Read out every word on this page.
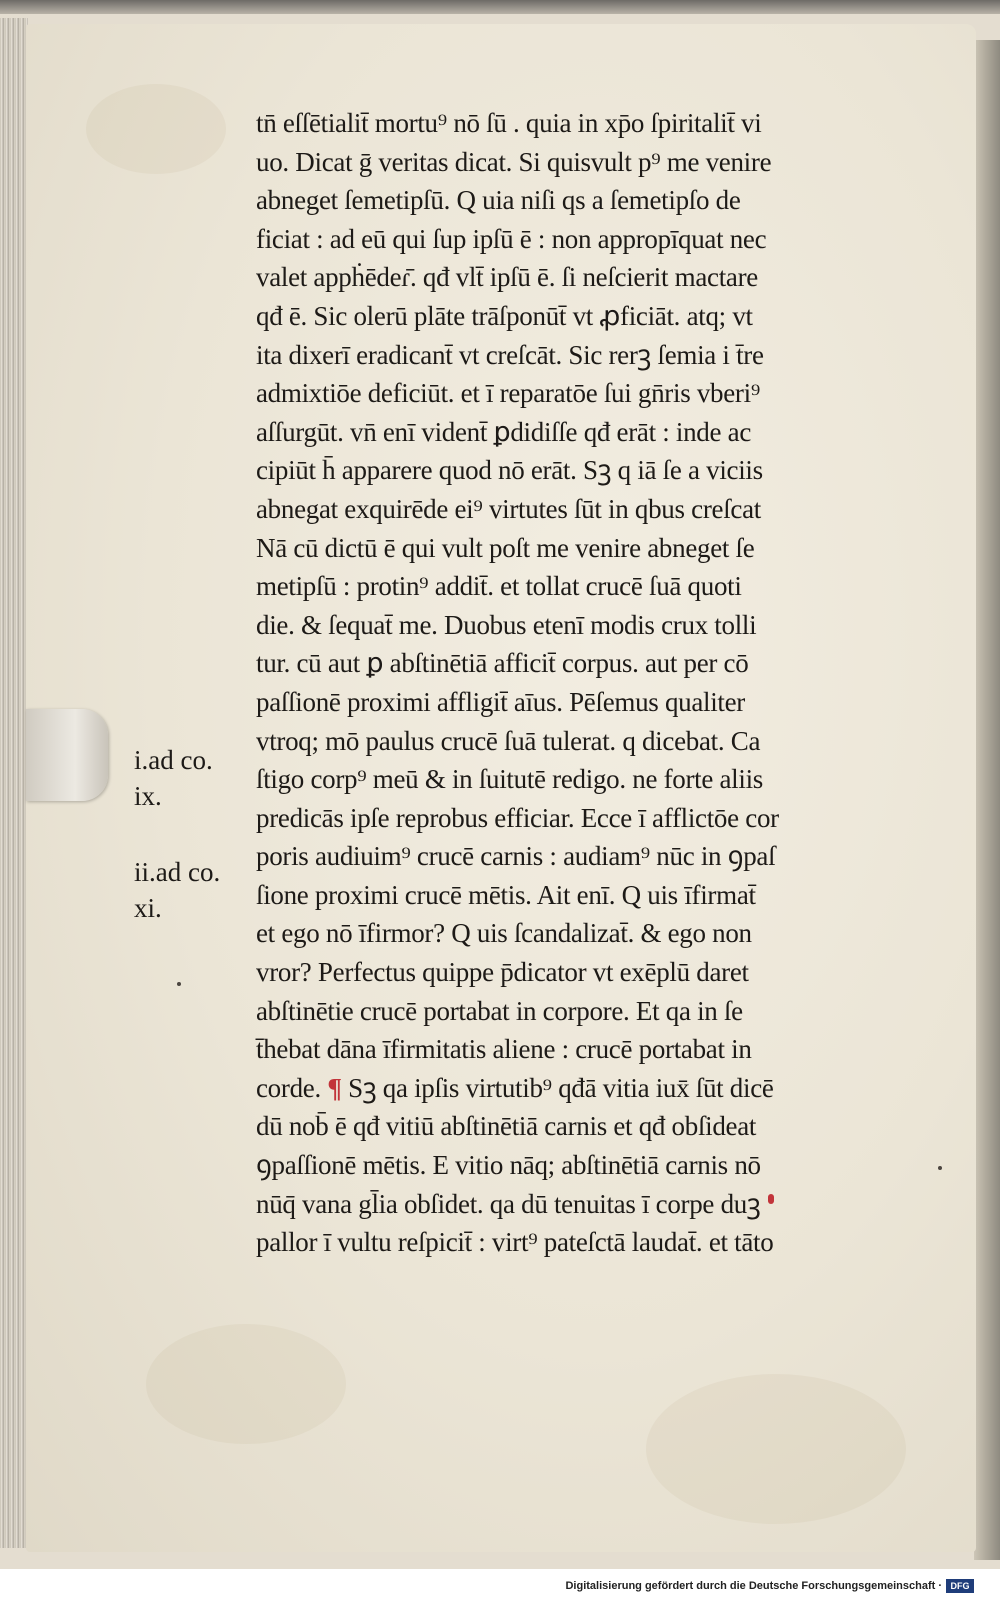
tn̄ eſſētialit̄ mortu⁹ nō ſū . quia in xp̄o ſpiritalit̄ vi
uo. Dicat ḡ veritas dicat. Si quisvult p⁹ me venire
abneget ſemetipſū. Q uia niſi qs a ſemetipſo de
ficiat : ad eū qui ſup ipſū ē : non appropīquat nec
valet appḣēdeɾ̄. qđ vlt̄ ipſū ē. ſi neſcierit mactare
qđ ē. Sic olerū plāte trāſponūt̄ vt ꝓficiāt. atq; vt
ita dixerī eradicant̄ vt creſcāt. Sic rerꝫ ſemia i t̄re
admixtiōe deficiūt. et ī reparatōe ſui gn̄ris vberi⁹
aſſurgūt. vn̄ enī vident̄ ꝑdidiſſe qđ erāt : inde ac
cipiūt h̄ apparere quod nō erāt. Sꝫ q iā ſe a viciis
abnegat exquirēde ei⁹ virtutes ſūt in qbus creſcat
Nā cū dictū ē qui vult poſt me venire abneget ſe
metipſū : protin⁹ addit̄. et tollat crucē ſuā quoti
die. & ſequat̄ me. Duobus etenī modis crux tolli
tur. cū aut ꝑ abſtinētiā afficit̄ corpus. aut per cō
paſſionē proximi affligit̄ aīus. Pēſemus qualiter
vtroq; mō paulus crucē ſuā tulerat. q dicebat. Ca
ſtigo corp⁹ meū & in ſuitutē redigo. ne forte aliis
predicās ipſe reprobus efficiar. Ecce ī afflictōe cor
poris audiuim⁹ crucē carnis : audiam⁹ nūc in ꝯpaſ
ſione proximi crucē mētis. Ait enī. Q uis īfirmat̄
et ego nō īfirmor? Q uis ſcandalizat̄. & ego non
vror? Perfectus quippe p̄dicator vt exēplū daret
abſtinētie crucē portabat in corpore. Et qa in ſe
t̄hebat dāna īfirmitatis aliene : crucē portabat in
corde. ¶ Sꝫ qa ipſis virtutib⁹ qđā vitia iux̄ ſūt dicē
dū nob̄ ē qđ vitiū abſtinētiā carnis et qđ obſideat
ꝯpaſſionē mētis. E vitio nāq; abſtinētiā carnis nō
nūq̄ vana gl̄ia obſidet. qa dū tenuitas ī corpe duꝫ
pallor ī vultu reſpicit̄ : virt⁹ pateſctā laudat̄. et tāto
i.ad co.
ix.
ii.ad co.
xi.
Digitalisierung gefördert durch die Deutsche Forschungsgemeinschaft · DFG
